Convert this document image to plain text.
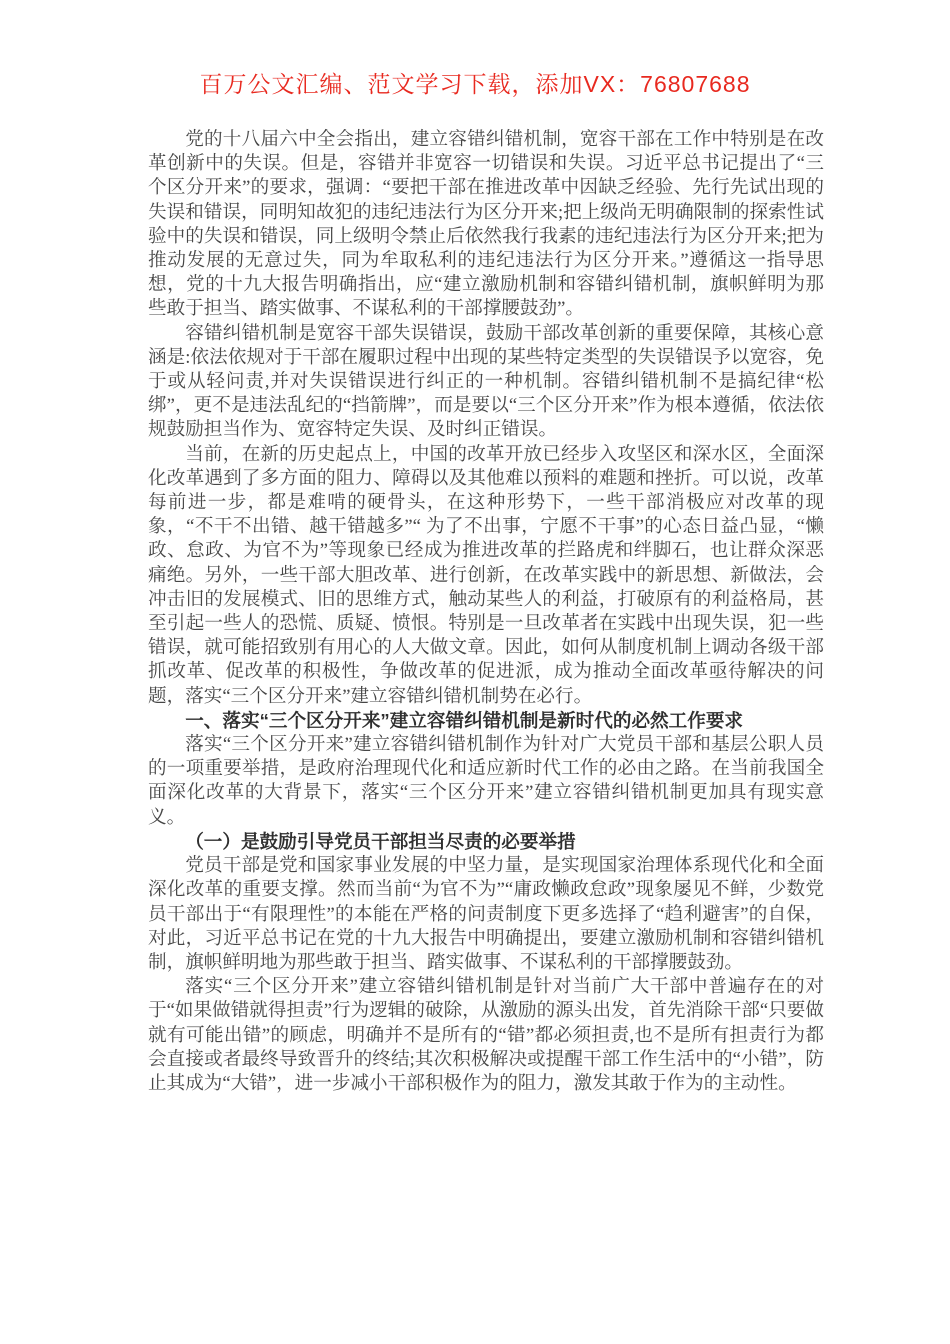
百万公文汇编、范文学习下载，添加VX：76807688

党的十八届六中全会指出，建立容错纠错机制，宽容干部在工作中特别是在改革创新中的失误。但是，容错并非宽容一切错误和失误。习近平总书记提出了“三个区分开来”的要求，强调：“要把干部在推进改革中因缺乏经验、先行先试出现的失误和错误，同明知故犯的违纪违法行为区分开来;把上级尚无明确限制的探索性试验中的失误和错误，同上级明令禁止后依然我行我素的违纪违法行为区分开来;把为推动发展的无意过失，同为牟取私利的违纪违法行为区分开来。”遵循这一指导思想，党的十九大报告明确指出，应“建立激励机制和容错纠错机制，旗帜鲜明为那些敢于担当、踏实做事、不谋私利的干部撑腰鼓劲”。

容错纠错机制是宽容干部失误错误，鼓励干部改革创新的重要保障，其核心意涵是:依法依规对于干部在履职过程中出现的某些特定类型的失误错误予以宽容，免于或从轻问责,并对失误错误进行纠正的一种机制。容错纠错机制不是搞纪律“松绑”，更不是违法乱纪的“挡箭牌”，而是要以“三个区分开来”作为根本遵循，依法依规鼓励担当作为、宽容特定失误、及时纠正错误。

当前，在新的历史起点上，中国的改革开放已经步入攻坚区和深水区，全面深化改革遇到了多方面的阻力、障碍以及其他难以预料的难题和挫折。可以说，改革每前进一步，都是难啃的硬骨头，在这种形势下，一些干部消极应对改革的现象，“不干不出错、越干错越多”“ 为了不出事，宁愿不干事”的心态日益凸显，“懒政、怠政、为官不为”等现象已经成为推进改革的拦路虎和绊脚石，也让群众深恶痛绝。另外，一些干部大胆改革、进行创新，在改革实践中的新思想、新做法，会冲击旧的发展模式、旧的思维方式，触动某些人的利益，打破原有的利益格局，甚至引起一些人的恐慌、质疑、愤恨。特别是一旦改革者在实践中出现失误，犯一些错误，就可能招致别有用心的人大做文章。因此，如何从制度机制上调动各级干部抓改革、促改革的积极性，争做改革的促进派，成为推动全面改革亟待解决的问题，落实“三个区分开来”建立容错纠错机制势在必行。

一、落实“三个区分开来”建立容错纠错机制是新时代的必然工作要求

落实“三个区分开来”建立容错纠错机制作为针对广大党员干部和基层公职人员的一项重要举措，是政府治理现代化和适应新时代工作的必由之路。在当前我国全面深化改革的大背景下，落实“三个区分开来”建立容错纠错机制更加具有现实意义。

（一）是鼓励引导党员干部担当尽责的必要举措

党员干部是党和国家事业发展的中坚力量，是实现国家治理体系现代化和全面深化改革的重要支撑。然而当前“为官不为”“庸政懒政怠政”现象屡见不鲜，少数党员干部出于“有限理性”的本能在严格的问责制度下更多选择了“趋利避害”的自保，对此，习近平总书记在党的十九大报告中明确提出，要建立激励机制和容错纠错机制，旗帜鲜明地为那些敢于担当、踏实做事、不谋私利的干部撑腰鼓劲。

落实“三个区分开来”建立容错纠错机制是针对当前广大干部中普遍存在的对于“如果做错就得担责”行为逻辑的破除，从激励的源头出发，首先消除干部“只要做就有可能出错”的顾虑，明确并不是所有的“错”都必须担责,也不是所有担责行为都会直接或者最终导致晋升的终结;其次积极解决或提醒干部工作生活中的“小错”，防止其成为“大错”，进一步减小干部积极作为的阻力，激发其敢于作为的主动性。
